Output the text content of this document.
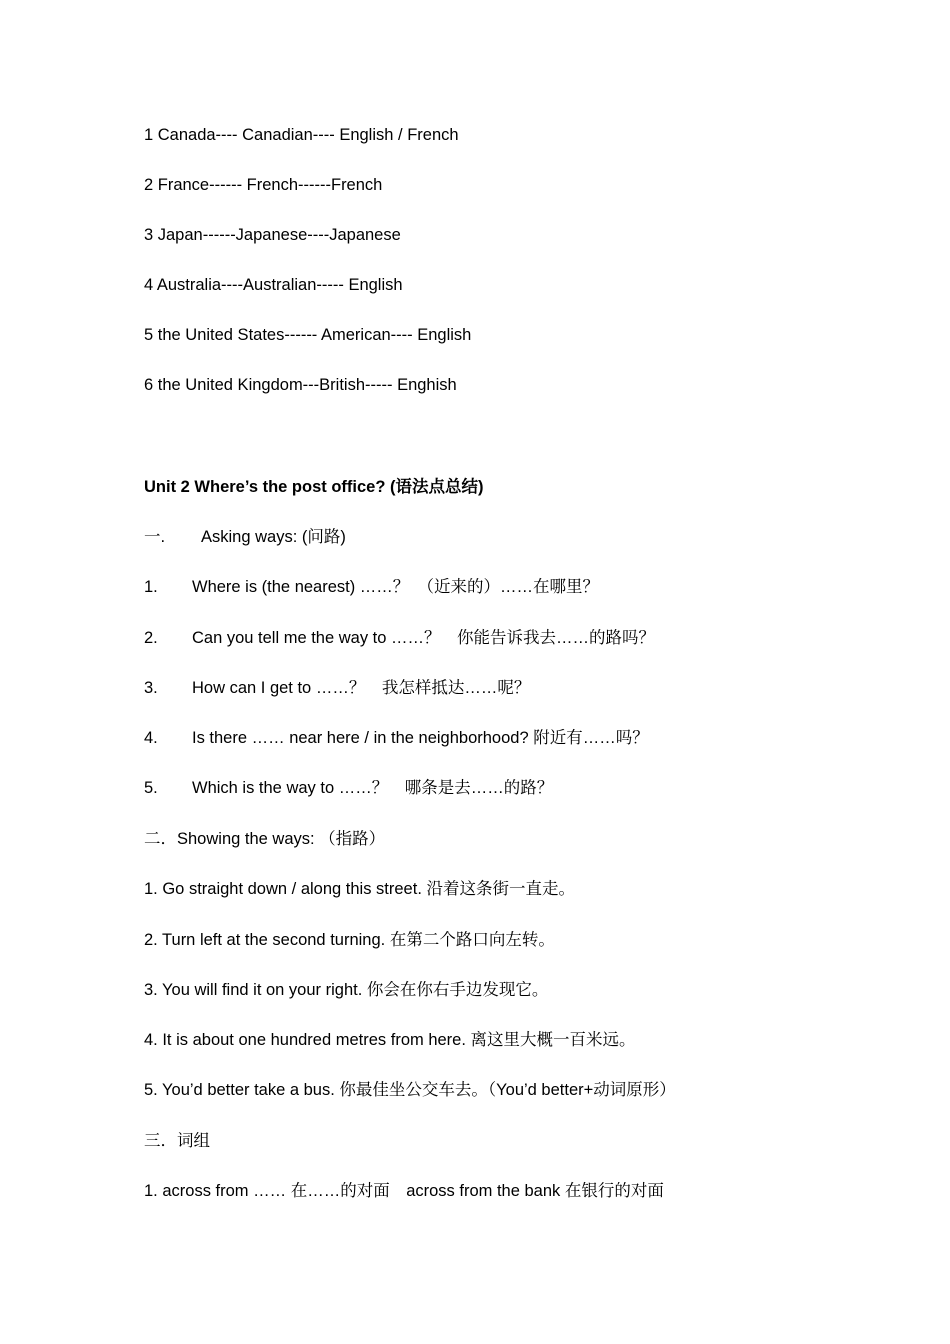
1 Canada---- Canadian---- English / French
2 France------ French------French
3 Japan------Japanese----Japanese
4 Australia----Australian----- English
5 the United States------ American---- English
6 the United Kingdom---British----- Enghish
Unit 2 Where’s the post office? (语法点总结)
一. Asking ways: (问路)
1. Where is (the nearest) ……？　（近来的）……在哪里？
2. Can you tell me the way to ……？　你能告诉我去……的路吗？
3. How can I get to ……？　我怎样抵达……呢？
4. Is there …… near here / in the neighborhood? 附近有……吗？
5. Which is the way to ……？　哪条是去……的路？
二．Showing the ways: （指路）
1. Go straight down / along this street. 沿着这条街一直走。
2. Turn left at the second turning. 在第二个路口向左转。
3. You will find it on your right. 你会在你右手边发现它。
4. It is about one hundred metres from here. 离这里大概一百米远。
5. You’d better take a bus. 你最佳坐公交车去。（You’d better+动词原形）
三．词组
1. across from …… 在……的对面　across from the bank 在银行的对面
